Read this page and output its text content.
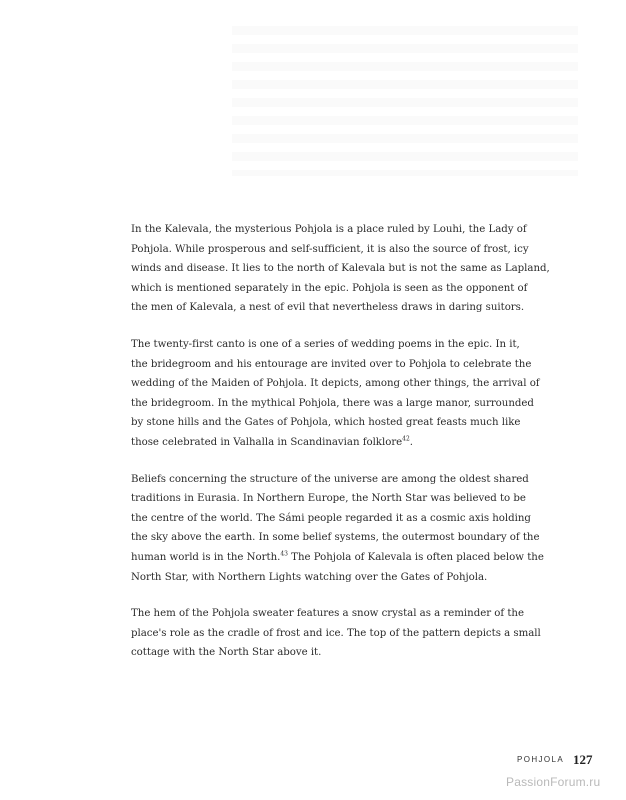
In the Kalevala, the mysterious Pohjola is a place ruled by Louhi, the Lady of
Pohjola. While prosperous and self-sufficient, it is also the source of frost, icy
winds and disease. It lies to the north of Kalevala but is not the same as Lapland,
which is mentioned separately in the epic. Pohjola is seen as the opponent of
the men of Kalevala, a nest of evil that nevertheless draws in daring suitors.

The twenty-first canto is one of a series of wedding poems in the epic. In it,
the bridegroom and his entourage are invited over to Pohjola to celebrate the
wedding of the Maiden of Pohjola. It depicts, among other things, the arrival of
the bridegroom. In the mythical Pohjola, there was a large manor, surrounded
by stone hills and the Gates of Pohjola, which hosted great feasts much like
those celebrated in Valhalla in Scandinavian folklore$^{42}$.

Beliefs concerning the structure of the universe are among the oldest shared
traditions in Eurasia. In Northern Europe, the North Star was believed to be
the centre of the world. The Sámi people regarded it as a cosmic axis holding
the sky above the earth. In some belief systems, the outermost boundary of the
human world is in the North.$^{43}$ The Pohjola of Kalevala is often placed below the
North Star, with Northern Lights watching over the Gates of Pohjola.

The hem of the Pohjola sweater features a snow crystal as a reminder of the
place's role as the cradle of frost and ice. The top of the pattern depicts a small
cottage with the North Star above it.

POHJOLA 127
PassionForum.ru
